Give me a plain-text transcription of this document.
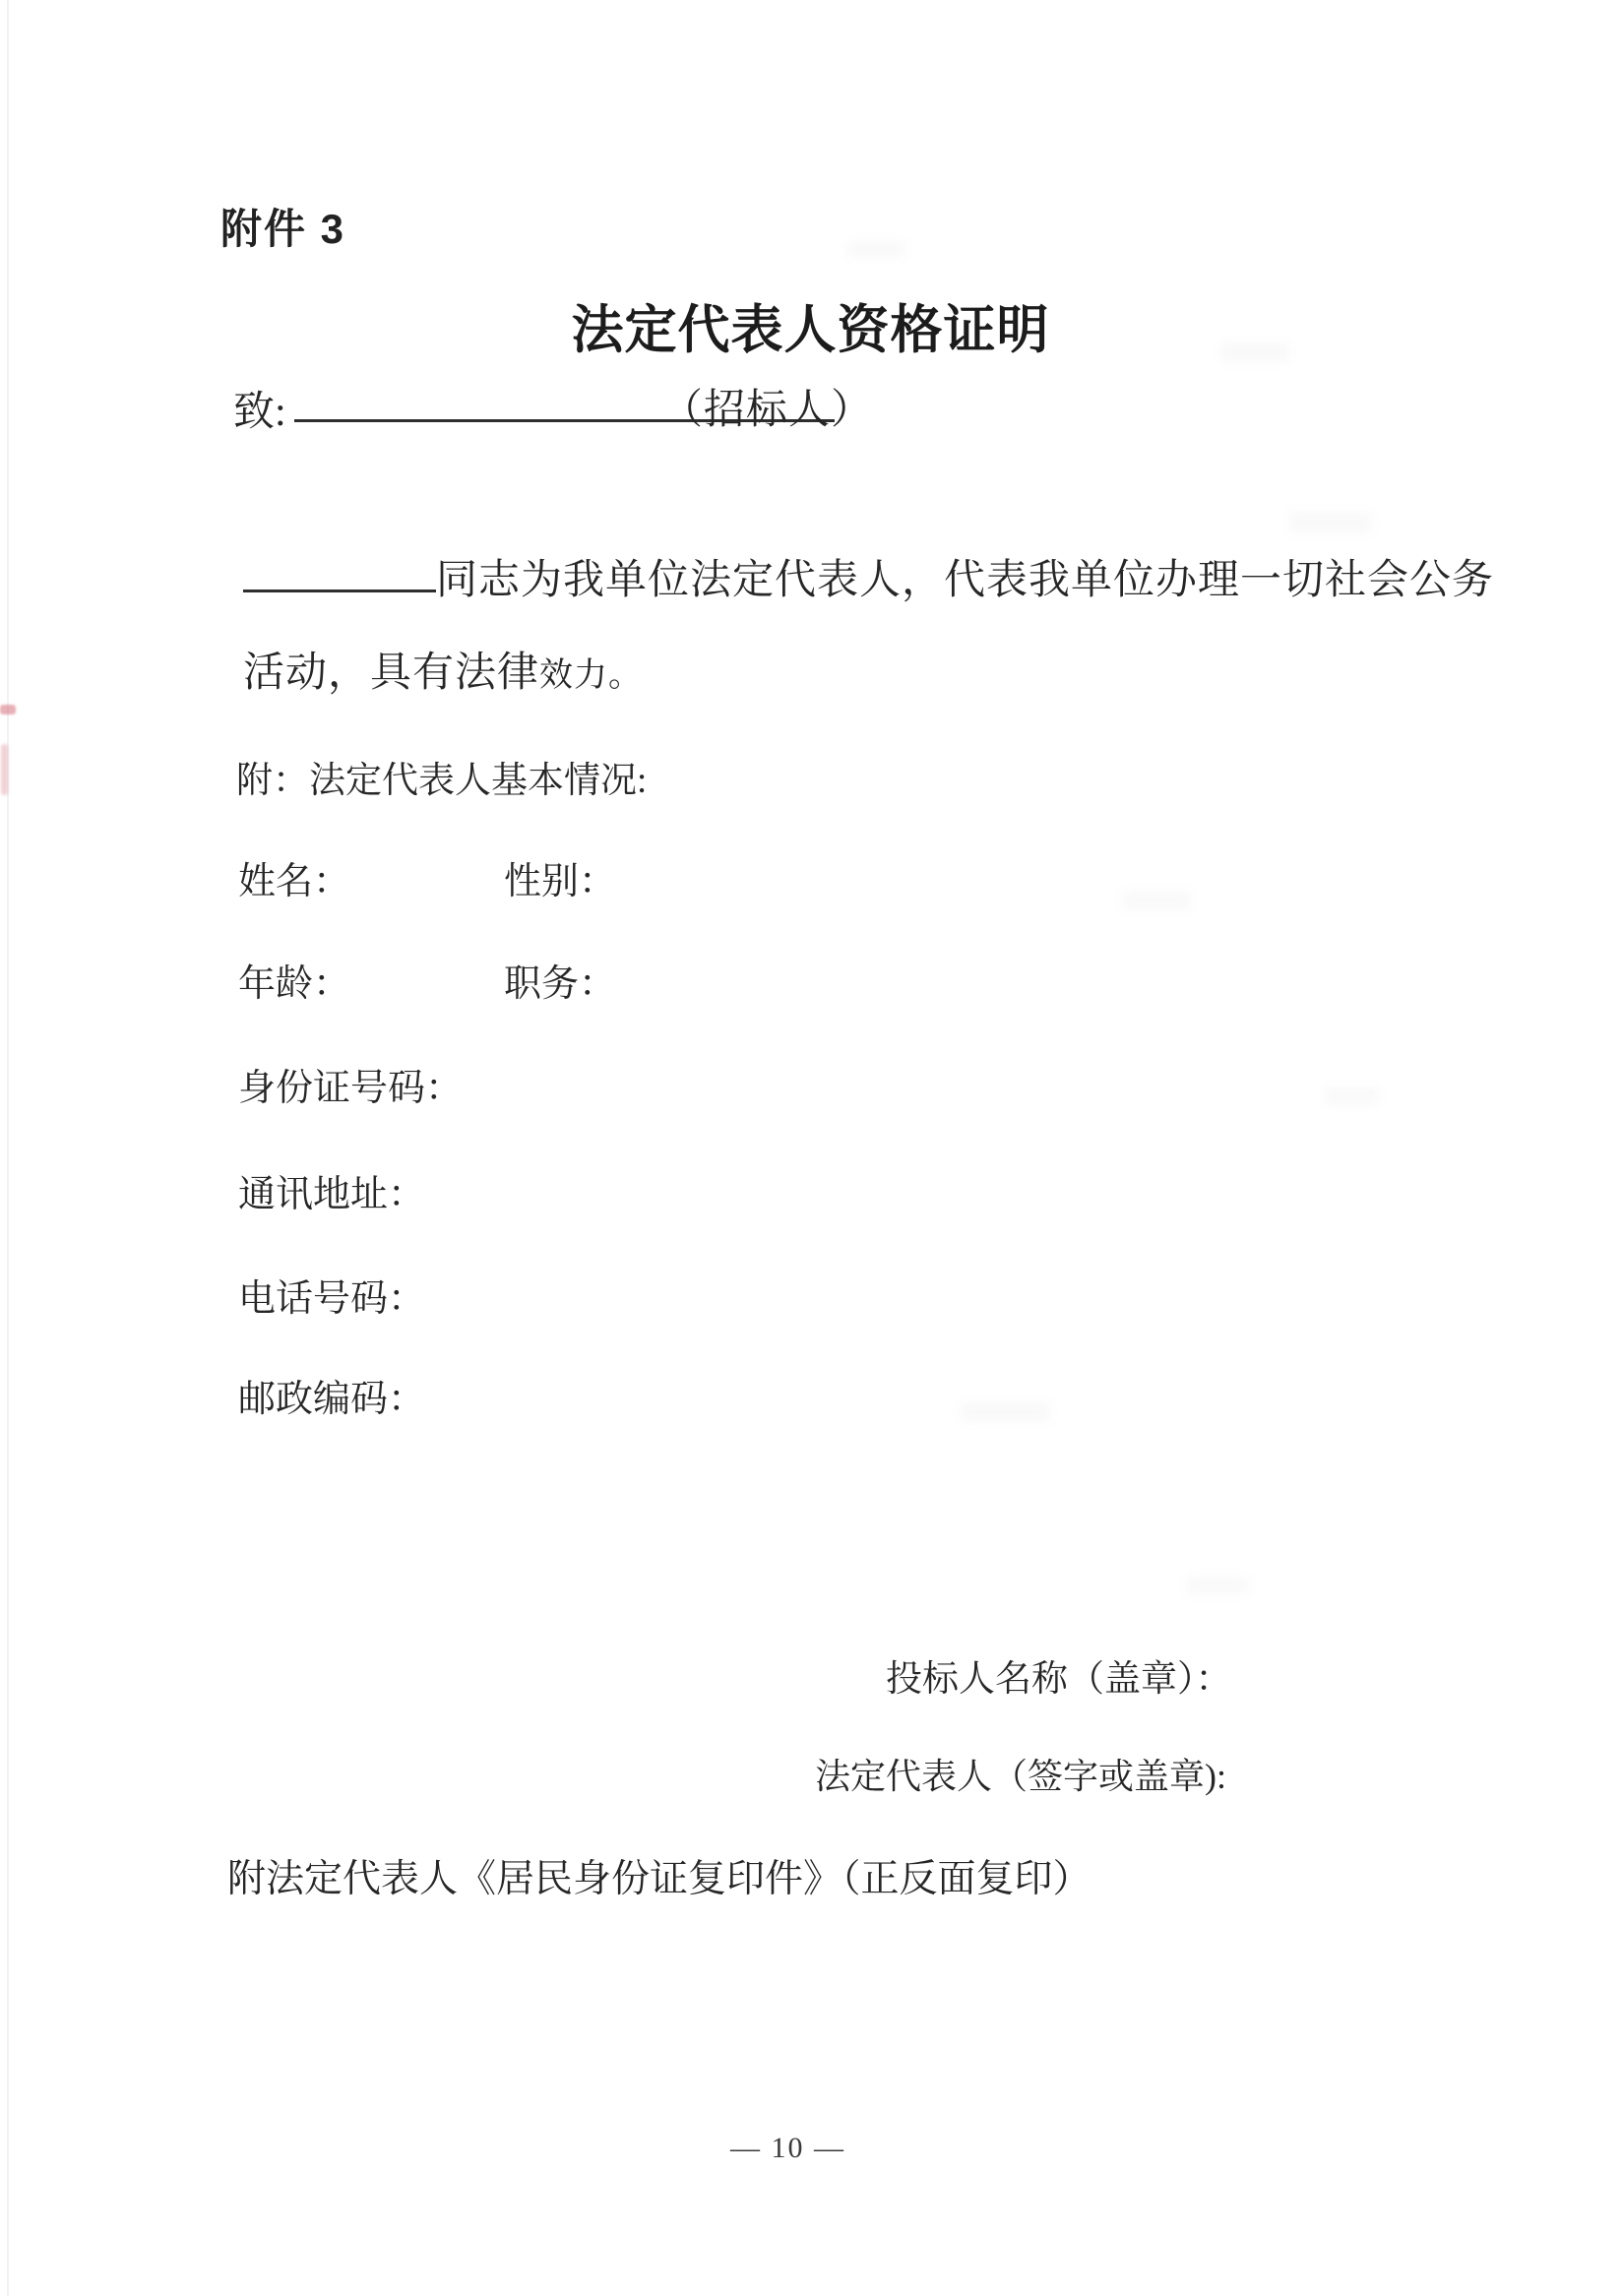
附件 3
法定代表人资格证明
致:	（招标人）
同志为我单位法定代表人，代表我单位办理一切社会公务
活动，具有法律效力。
附：法定代表人基本情况:
姓名：	性别：
年龄：	职务：
身份证号码：
通讯地址：
电话号码：
邮政编码：
投标人名称（盖章）：
法定代表人（签字或盖章):
附法定代表人《居民身份证复印件》（正反面复印）
— 10 —
